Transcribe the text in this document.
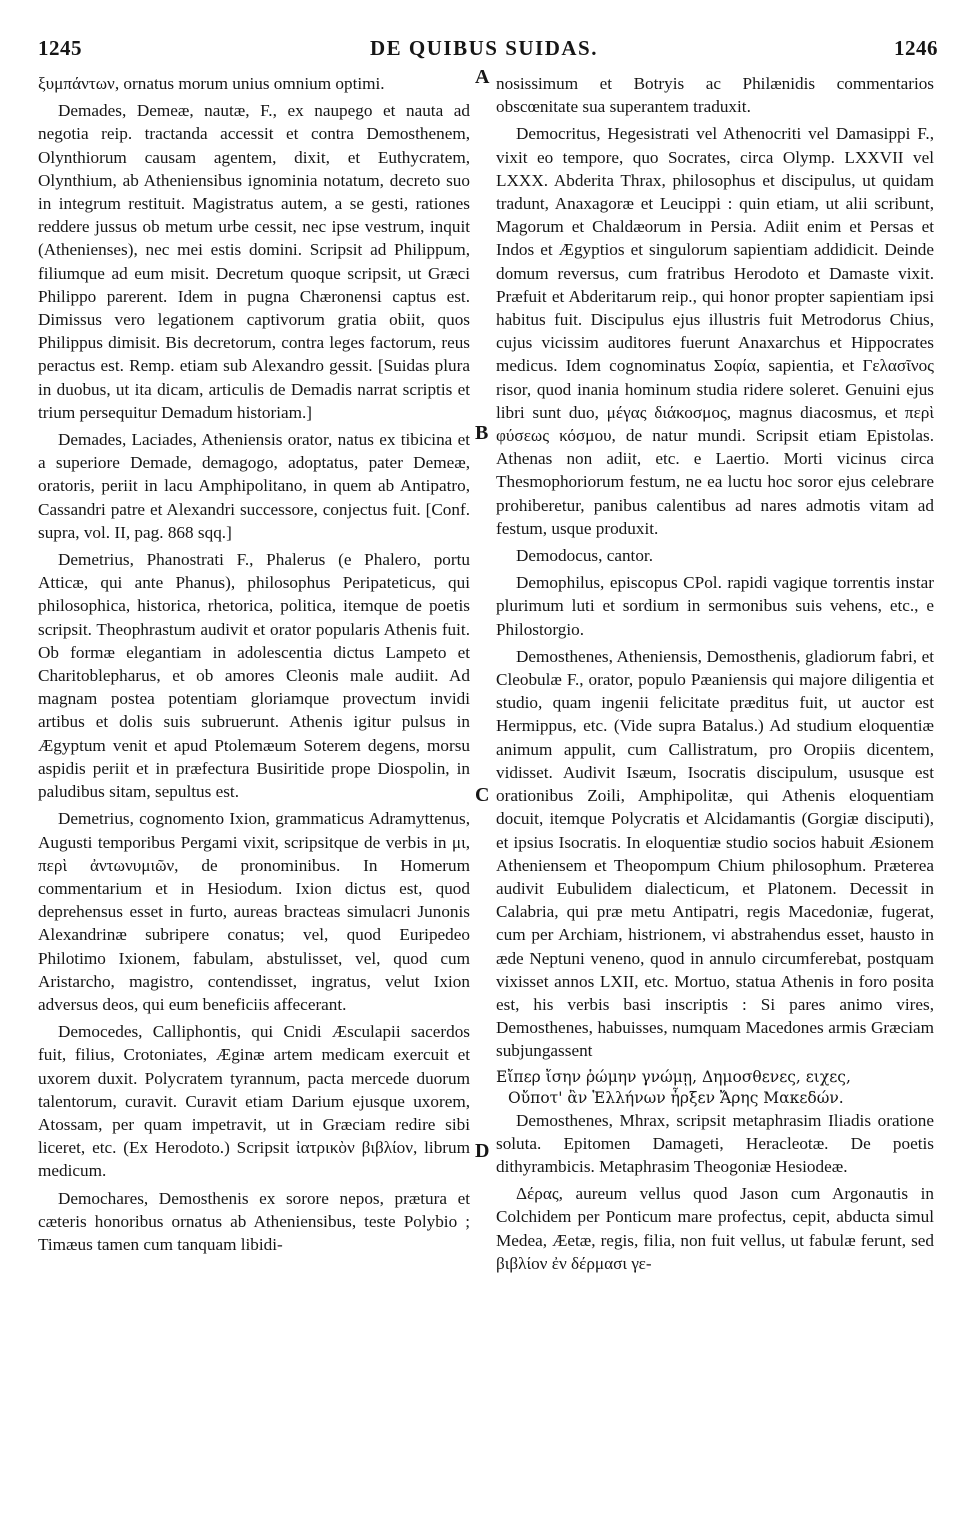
DE QUIBUS SUIDAS.
1245	1246
A
B
C
D

ξυμπάντων, ornatus morum unius omnium optimi.

Demades, Demeæ, nautæ, F., ex naupego et nauta ad negotia reip. tractanda accessit et contra Demosthenem, Olynthiorum causam agentem, dixit, et Euthycratem, Olynthium, ab Atheniensibus ignominia notatum, decreto suo in integrum restituit. Magistratus autem, a se gesti, rationes reddere jussus ob metum urbe cessit, nec ipse vestrum, inquit (Athenienses), nec mei estis domini. Scripsit ad Philippum, filiumque ad eum misit. Decretum quoque scripsit, ut Græci Philippo parerent. Idem in pugna Chæronensi captus est. Dimissus vero legationem captivorum gratia obiit, quos Philippus dimisit. Bis decretorum, contra leges factorum, reus peractus est. Remp. etiam sub Alexandro gessit. [Suidas plura in duobus, ut ita dicam, articulis de Demadis narrat scriptis et trium persequitur Demadum historiam.]

Demades, Laciades, Atheniensis orator, natus ex tibicina et a superiore Demade, demagogo, adoptatus, pater Demeæ, oratoris, periit in lacu Amphipolitano, in quem ab Antipatro, Cassandri patre et Alexandri successore, conjectus fuit. [Conf. supra, vol. II, pag. 868 sqq.]

Demetrius, Phanostrati F., Phalerus (e Phalero, portu Atticæ, qui ante Phanus), philosophus Peripateticus, qui philosophica, historica, rhetorica, politica, itemque de poetis scripsit. Theophrastum audivit et orator popularis Athenis fuit. Ob formæ elegantiam in adolescentia dictus Lampeto et Charitoblepharus, et ob amores Cleonis male audiit. Ad magnam postea potentiam gloriamque provectum invidi artibus et dolis suis subruerunt. Athenis igitur pulsus in Ægyptum venit et apud Ptolemæum Soterem degens, morsu aspidis periit et in præfectura Busiritide prope Diospolin, in paludibus sitam, sepultus est.

Demetrius, cognomento Ixion, grammaticus Adramyttenus, Augusti temporibus Pergami vixit, scripsitque de verbis in μι, περὶ ἀντωνυμιῶν, de pronominibus. In Homerum commentarium et in Hesiodum. Ixion dictus est, quod deprehensus esset in furto, aureas bracteas simulacri Junonis Alexandrinæ subripere conatus; vel, quod Euripedeo Philotimo Ixionem, fabulam, abstulisset, vel, quod cum Aristarcho, magistro, contendisset, ingratus, velut Ixion adversus deos, qui eum beneficiis affecerant.

Democedes, Calliphontis, qui Cnidi Æsculapii sacerdos fuit, filius, Crotoniates, Æginæ artem medicam exercuit et uxorem duxit. Polycratem tyrannum, pacta mercede duorum talentorum, curavit. Curavit etiam Darium ejusque uxorem, Atossam, per quam impetravit, ut in Græciam redire sibi liceret, etc. (Ex Herodoto.) Scripsit ἰατρικὸν βιβλίον, librum medicum.

Demochares, Demosthenis ex sorore nepos, prætura et cæteris honoribus ornatus ab Atheniensibus, teste Polybio ; Timæus tamen cum tanquam libidi-

nosissimum et Botryis ac Philænidis commentarios obscœnitate sua superantem traduxit.

Democritus, Hegesistrati vel Athenocriti vel Damasippi F., vixit eo tempore, quo Socrates, circa Olymp. LXXVII vel LXXX. Abderita Thrax, philosophus et discipulus, ut quidam tradunt, Anaxagoræ et Leucippi : quin etiam, ut alii scribunt, Magorum et Chaldæorum in Persia. Adiit enim et Persas et Indos et Ægyptios et singulorum sapientiam addidicit. Deinde domum reversus, cum fratribus Herodoto et Damaste vixit. Præfuit et Abderitarum reip., qui honor propter sapientiam ipsi habitus fuit. Discipulus ejus illustris fuit Metrodorus Chius, cujus vicissim auditores fuerunt Anaxarchus et Hippocrates medicus. Idem cognominatus Σοφία, sapientia, et Γελασῖνος risor, quod inania hominum studia ridere soleret. Genuini ejus libri sunt duo, μέγας διάκοσμος, magnus diacosmus, et περὶ φύσεως κόσμου, de natur mundi. Scripsit etiam Epistolas. Athenas non adiit, etc. e Laertio. Morti vicinus circa Thesmophoriorum festum, ne ea luctu hoc soror ejus celebrare prohiberetur, panibus calentibus ad nares admotis vitam ad festum, usque produxit.

Demodocus, cantor.

Demophilus, episcopus CPol. rapidi vagique torrentis instar plurimum luti et sordium in sermonibus suis vehens, etc., e Philostorgio.

Demosthenes, Atheniensis, Demosthenis, gladiorum fabri, et Cleobulæ F., orator, populo Pæaniensis qui majore diligentia et studio, quam ingenii felicitate præditus fuit, ut auctor est Hermippus, etc. (Vide supra Batalus.) Ad studium eloquentiæ animum appulit, cum Callistratum, pro Oropiis dicentem, vidisset. Audivit Isæum, Isocratis discipulum, ususque est orationibus Zoili, Amphipolitæ, qui Athenis eloquentiam docuit, itemque Polycratis et Alcidamantis (Gorgiæ disciputi), et ipsius Isocratis. In eloquentiæ studio socios habuit Æsionem Atheniensem et Theopompum Chium philosophum. Præterea audivit Eubulidem dialecticum, et Platonem. Decessit in Calabria, qui præ metu Antipatri, regis Macedoniæ, fugerat, cum per Archiam, histrionem, vi abstrahendus esset, hausto in æde Neptuni veneno, quod in annulo circumferebat, postquam vixisset annos LXII, etc. Mortuo, statua Athenis in foro posita est, his verbis basi inscriptis : Si pares animo vires, Demosthenes, habuisses, numquam Macedones armis Græciam subjungassent

Εἴπερ ἴσην ῥώμην γνώμῃ, Δημοσθενες, ειχες,
Οὔποτ' ἂν Ἑλλήνων ἦρξεν Ἄρης Μακεδών.

Demosthenes, Mhrax, scripsit metaphrasim Iliadis oratione soluta. Epitomen Damageti, Heracleotæ. De poetis dithyrambicis. Metaphrasim Theogoniæ Hesiodeæ.

Δέρας, aureum vellus quod Jason cum Argonautis in Colchidem per Ponticum mare profectus, cepit, abducta simul Medea, Æetæ, regis, filia, non fuit vellus, ut fabulæ ferunt, sed βιβλίον ἐν δέρμασι γε-
